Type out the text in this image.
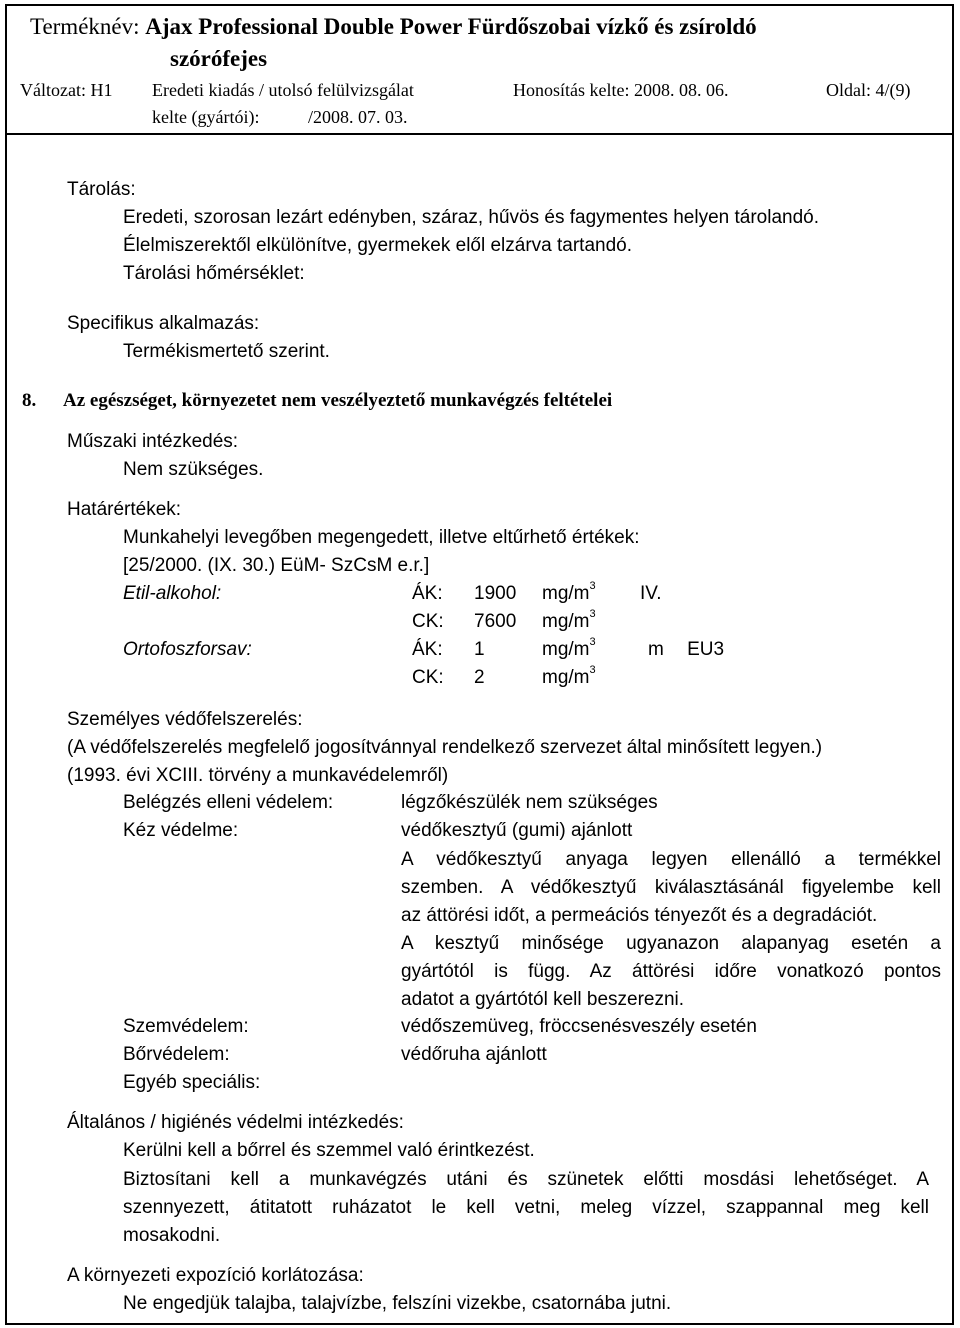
Terméknév: Ajax Professional Double Power Fürdőszobai vízkő és zsíroldó
szórófejes
Változat: H1 Eredeti kiadás / utolsó felülvizsgálat
kelte (gyártói):	/2008. 07. 03.
Honosítás kelte: 2008. 08. 06.	Oldal: 4/(9)
Tárolás:
Eredeti, szorosan lezárt edényben, száraz, hűvös és fagymentes helyen tárolandó.
Élelmiszerektől elkülönítve, gyermekek elől elzárva tartandó.
Tárolási hőmérséklet:
Specifikus alkalmazás:
Termékismertető szerint.
8. Az egészséget, környezetet nem veszélyeztető munkavégzés feltételei
Műszaki intézkedés:
Nem szükséges.
Határértékek:
Munkahelyi levegőben megengedett, illetve eltűrhető értékek:
[25/2000. (IX. 30.) EüM- SzCsM e.r.]
Etil-alkohol:	ÁK: 1900 $mg/m^3$ IV.
CK: 7600 $mg/m^3$
Ortofoszforsav:	ÁK: 1	$mg/m^3$	m EU3
CK: 2	$mg/m^3$
Személyes védőfelszerelés:
(A védőfelszerelés megfelelő jogosítvánnyal rendelkező szervezet által minősített legyen.)
(1993. évi XCIII. törvény a munkavédelemről)
Belégzés elleni védelem:	légzőkészülék nem szükséges
Kéz védelme:	védőkesztyű (gumi) ajánlott
A védőkesztyű anyaga legyen ellenálló a termékkel
szemben. A védőkesztyű kiválasztásánál figyelembe kell
az áttörési időt, a permeációs tényezőt és a degradációt.
A kesztyű minősége ugyanazon alapanyag esetén a
gyártótól is függ. Az áttörési időre vonatkozó pontos
adatot a gyártótól kell beszerezni.
Szemvédelem:	védőszemüveg, fröccsenésveszély esetén
Bőrvédelem:	védőruha ajánlott
Egyéb speciális:
Általános / higiénés védelmi intézkedés:
Kerülni kell a bőrrel és szemmel való érintkezést.
Biztosítani kell a munkavégzés utáni és szünetek előtti mosdási lehetőséget. A
szennyezett, átitatott ruházatot le kell vetni, meleg vízzel, szappannal meg kell
mosakodni.
A környezeti expozíció korlátozása:
Ne engedjük talajba, talajvízbe, felszíni vizekbe, csatornába jutni.
